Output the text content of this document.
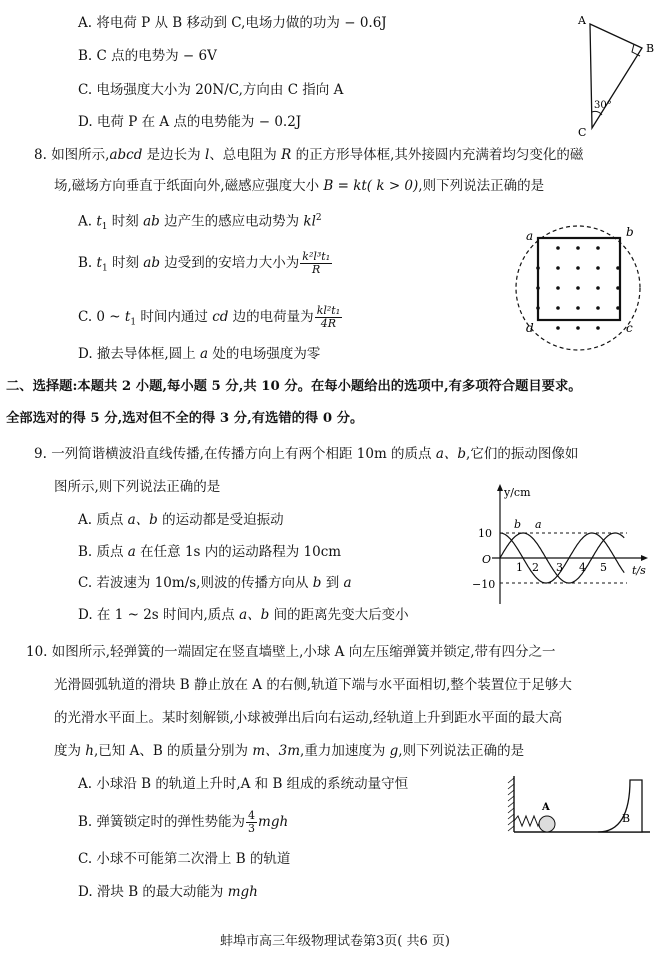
A. 将电荷 P 从 B 移动到 C,电场力做的功为 − 0.6J
B. C 点的电势为 − 6V
C. 电场强度大小为 20N/C,方向由 C 指向 A
D. 电荷 P 在 A 点的电势能为 − 0.2J
A
B
C
30°
8. 如图所示,abcd 是边长为 l、总电阻为 R 的正方形导体框,其外接圆内充满着均匀变化的磁
场,磁场方向垂直于纸面向外,磁感应强度大小 B = kt( k > 0),则下列说法正确的是
A. $t_1$ 时刻 ab 边产生的感应电动势为 $kl^2$
B. $t_1$ 时刻 ab 边受到的安培力大小为 $\frac{\text{k²l³t₁}}{R}$
C. 0 ~ $t_1$ 时间内通过 cd 边的电荷量为 $\frac{\text{kl²t₁}}{4R}$
D. 撤去导体框,圆上 a 处的电场强度为零
a	b
c
d
二、选择题:本题共 2 小题,每小题 5 分,共 10 分。在每小题给出的选项中,有多项符合题目要求。
全部选对的得 5 分,选对但不全的得 3 分,有选错的得 0 分。
9. 一列简谐横波沿直线传播,在传播方向上有两个相距 10m 的质点 a、b,它们的振动图像如
图所示,则下列说法正确的是
A. 质点 a、b 的运动都是受迫振动
B. 质点 a 在任意 1s 内的运动路程为 10cm
C. 若波速为 10m/s,则波的传播方向从 b 到 a
D. 在 1 ~ 2s 时间内,质点 a、b 间的距离先变大后变小
y/cm
t/s
O
10
−10
1 2 3 4 5
b a
10. 如图所示,轻弹簧的一端固定在竖直墙壁上,小球 A 向左压缩弹簧并锁定,带有四分之一
光滑圆弧轨道的滑块 B 静止放在 A 的右侧,轨道下端与水平面相切,整个装置位于足够大
的光滑水平面上。某时刻解锁,小球被弹出后向右运动,经轨道上升到距水平面的最大高
度为 h,已知 A、B 的质量分别为 m、3m,重力加速度为 g,则下列说法正确的是
A. 小球沿 B 的轨道上升时,A 和 B 组成的系统动量守恒
B. 弹簧锁定时的弹性势能为 $\frac{4}{3}$ mgh
C. 小球不可能第二次滑上 B 的轨道
D. 滑块 B 的最大动能为 mgh
A
B
蚌埠市高三年级物理试卷第3页( 共6 页)
